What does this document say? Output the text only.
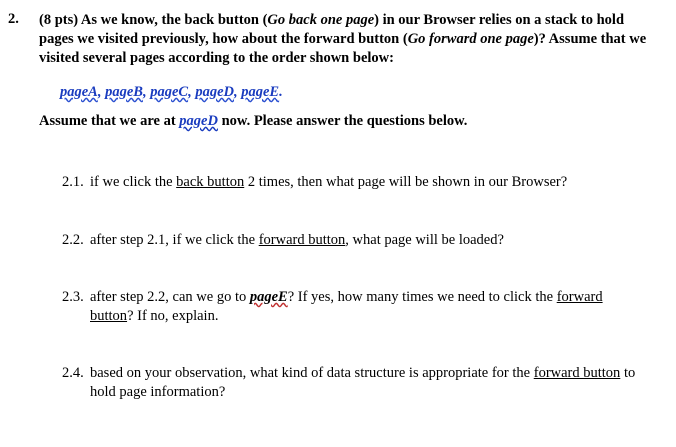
2. (8 pts) As we know, the back button (Go back one page) in our Browser relies on a stack to hold pages we visited previously, how about the forward button (Go forward one page)? Assume that we visited several pages according to the order shown below:
pageA, pageB, pageC, pageD, pageE.
Assume that we are at pageD now. Please answer the questions below.
2.1. if we click the back button 2 times, then what page will be shown in our Browser?
2.2. after step 2.1, if we click the forward button, what page will be loaded?
2.3. after step 2.2, can we go to pageE? If yes, how many times we need to click the forward button? If no, explain.
2.4. based on your observation, what kind of data structure is appropriate for the forward button to hold page information?
